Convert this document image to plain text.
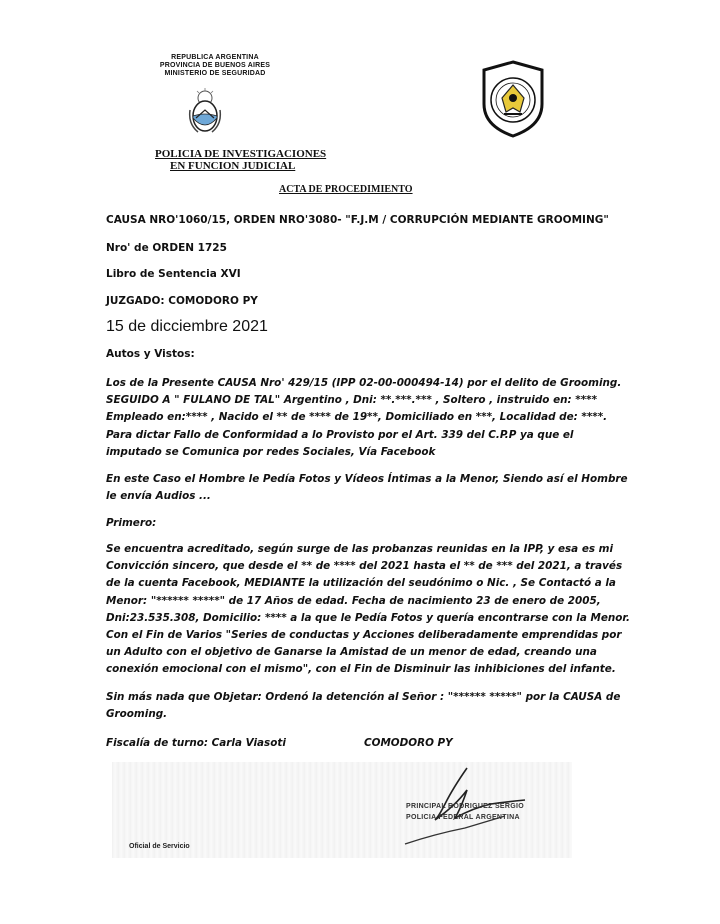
REPUBLICA ARGENTINA
PROVINCIA DE BUENOS AIRES
MINISTERIO DE SEGURIDAD
POLICIA DE INVESTIGACIONES
EN FUNCION JUDICIAL
ACTA DE PROCEDIMIENTO
CAUSA NRO'1060/15, ORDEN NRO'3080- "F.J.M / CORRUPCIÓN MEDIANTE GROOMING"
Nro' de ORDEN 1725
Libro de Sentencia XVI
JUZGADO: COMODORO PY
15 de dicciembre 2021
Autos y Vistos:
Los de la Presente CAUSA Nro' 429/15 (IPP 02-00-000494-14) por el delito de Grooming. SEGUIDO A " FULANO DE TAL" Argentino , Dni: **.***.*** , Soltero , instruido en: **** Empleado en:**** , Nacido el ** de **** de 19**, Domiciliado en ***, Localidad de: ****. Para dictar Fallo de Conformidad a lo Provisto por el Art. 339 del C.P.P ya que el imputado se Comunica por redes Sociales, Vía Facebook
En este Caso el Hombre le Pedía Fotos y Vídeos Íntimas a la Menor, Siendo así el Hombre le envía Audios ...
Primero:
Se encuentra acreditado, según surge de las probanzas reunidas en la IPP, y esa es mi Convicción sincero, que desde el ** de **** del 2021 hasta el ** de *** del 2021, a través de la cuenta Facebook, MEDIANTE la utilización del seudónimo o Nic. , Se Contactó a la Menor: "****** *****" de 17 Años de edad. Fecha de nacimiento 23 de enero de 2005, Dni:23.535.308, Domicilio: **** a la que le Pedía Fotos y quería encontrarse con la Menor. Con el Fin de Varios "Series de conductas y Acciones deliberadamente emprendidas por un Adulto con el objetivo de Ganarse la Amistad de un menor de edad, creando una conexión emocional con el mismo", con el Fin de Disminuir las inhibiciones del infante.
Sin más nada que Objetar: Ordenó la detención al Señor : "****** *****" por la CAUSA de Grooming.
Fiscalía de turno: Carla Viasoti	COMODORO PY
PRINCIPAL RODRIGUEZ SERGIO
POLICIA FEDERAL ARGENTINA
Oficial de Servicio
